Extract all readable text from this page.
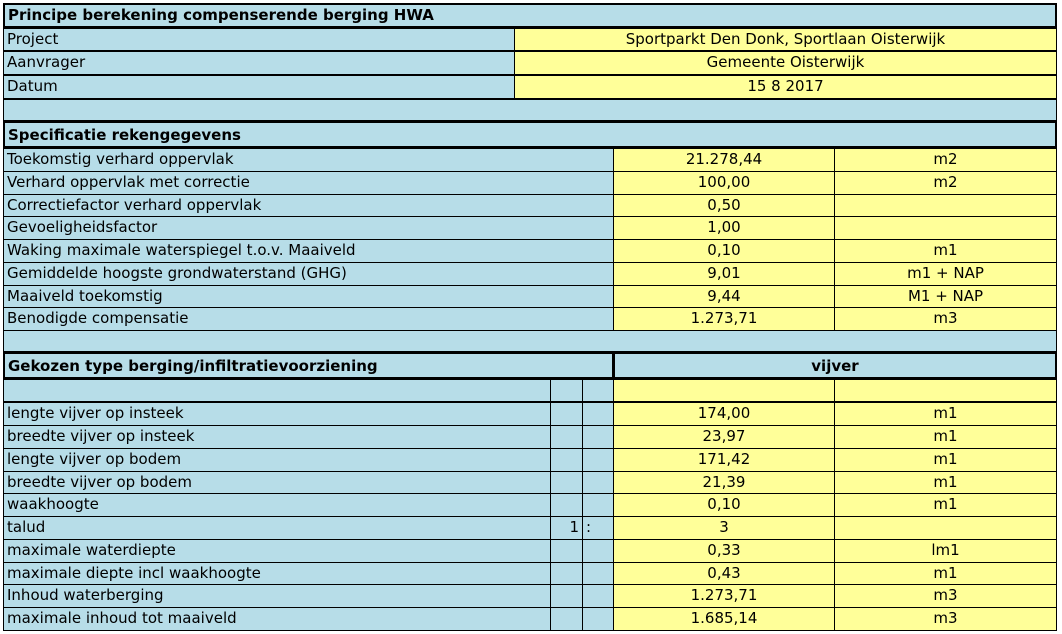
Principe berekening compenserende berging HWA
Project	Sportparkt Den Donk, Sportlaan Oisterwijk
Aanvrager	Gemeente Oisterwijk
Datum	15 8 2017
Specificatie rekengegevens
Toekomstig verhard oppervlak	21.278,44	m2
Verhard oppervlak met correctie	100,00	m2
Correctiefactor verhard oppervlak	0,50
Gevoeligheidsfactor	1,00
Waking maximale waterspiegel t.o.v. Maaiveld	0,10	m1
Gemiddelde hoogste grondwaterstand (GHG)	9,01	m1 + NAP
Maaiveld toekomstig	9,44	M1 + NAP
Benodigde compensatie	1.273,71	m3
Gekozen type berging/infiltratievoorziening	vijver
lengte vijver op insteek	174,00	m1
breedte vijver op insteek	23,97	m1
lengte vijver op bodem	171,42	m1
breedte vijver op bodem	21,39	m1
waakhoogte	0,10	m1
talud	1 :	3
maximale waterdiepte	0,33	lm1
maximale diepte incl waakhoogte	0,43	m1
Inhoud waterberging	1.273,71	m3
maximale inhoud tot maaiveld	1.685,14	m3
